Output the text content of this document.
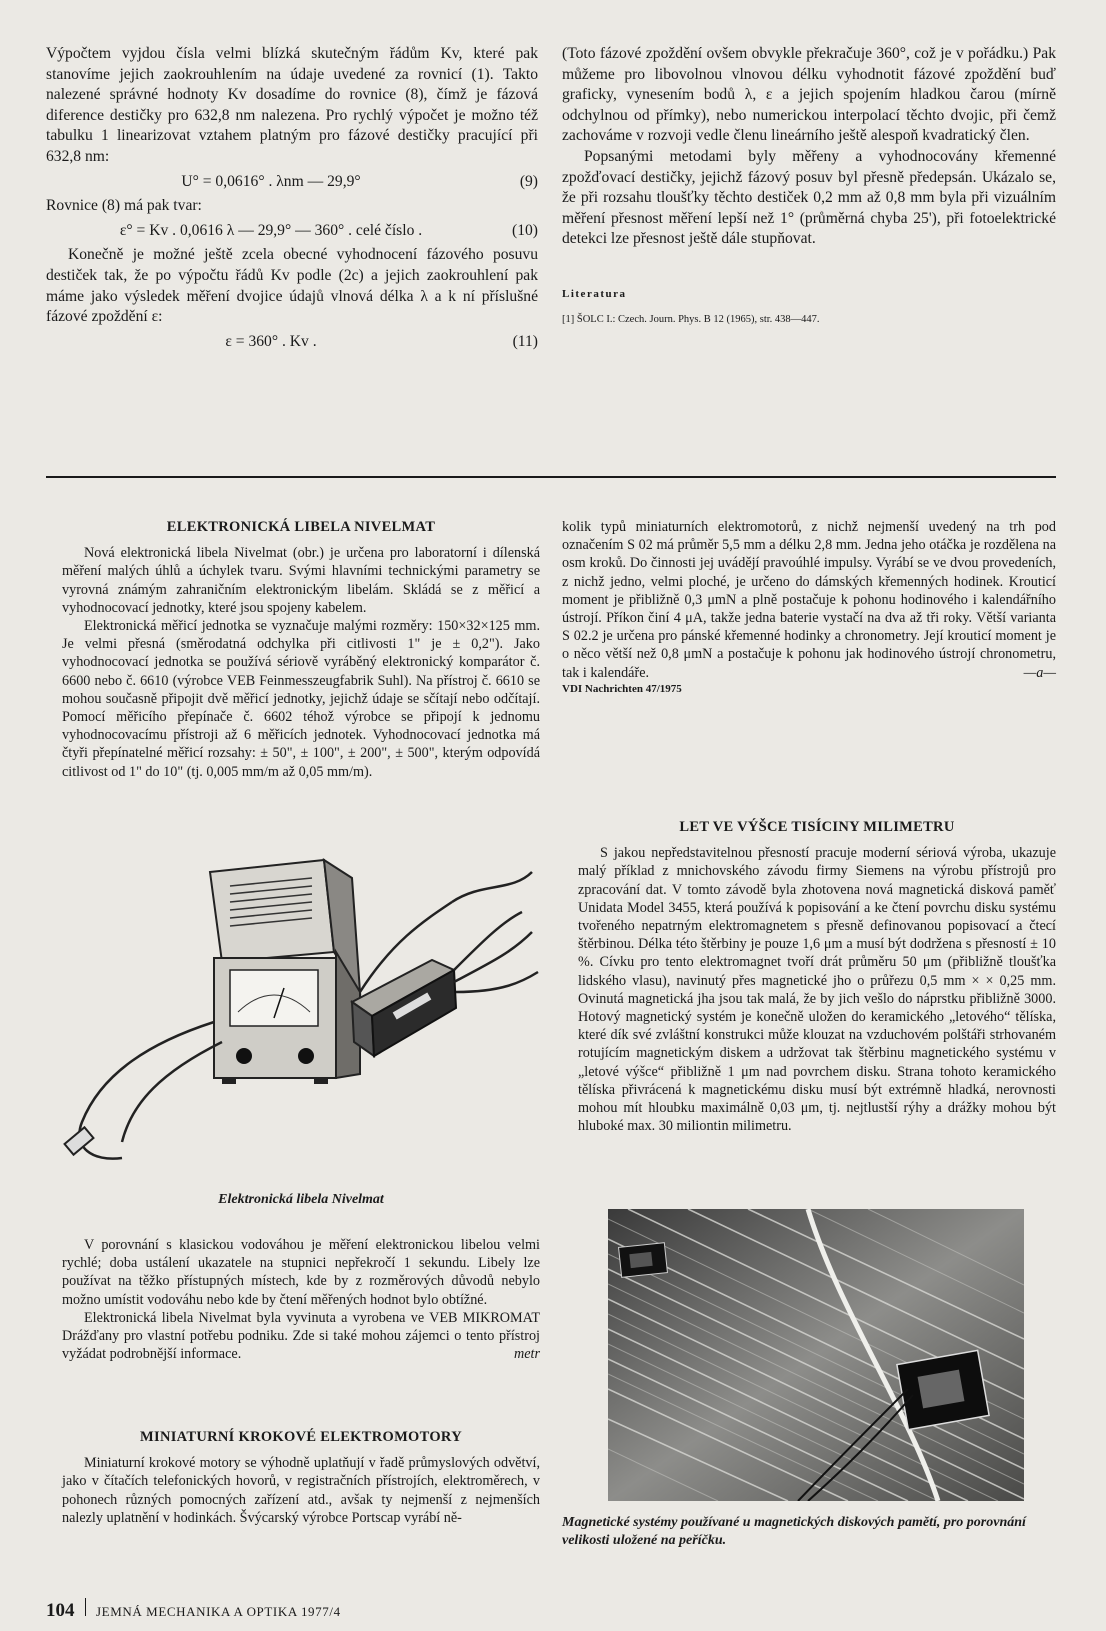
Výpočtem vyjdou čísla velmi blízká skutečným řádům Kv, které pak stanovíme jejich zaokrouhlením na údaje uvedené za rovnicí (1). Takto nalezené správné hodnoty Kv dosadíme do rovnice (8), čímž je fázová diference destičky pro 632,8 nm nalezena. Pro rychlý výpočet je možno též tabulku 1 linearizovat vztahem platným pro fázové destičky pracující při 632,8 nm:

U° = 0,0616° . λnm — 29,9°	(9)

Rovnice (8) má pak tvar:

ε° = Kv . 0,0616 λ — 29,9° — 360° . celé číslo .	(10)

Konečně je možné ještě zcela obecné vyhodnocení fázového posuvu destiček tak, že po výpočtu řádů Kv podle (2c) a jejich zaokrouhlení pak máme jako výsledek měření dvojice údajů vlnová délka λ a k ní příslušné fázové zpoždění ε:

ε = 360° . Kv .	(11)

(Toto fázové zpoždění ovšem obvykle překračuje 360°, což je v pořádku.) Pak můžeme pro libovolnou vlnovou délku vyhodnotit fázové zpoždění buď graficky, vynesením bodů λ, ε a jejich spojením hladkou čarou (mírně odchylnou od přímky), nebo numerickou interpolací těchto dvojic, při čemž zachováme v rozvoji vedle členu lineárního ještě alespoň kvadratický člen.

Popsanými metodami byly měřeny a vyhodnocovány křemenné zpožďovací destičky, jejichž fázový posuv byl přesně předepsán. Ukázalo se, že při rozsahu tloušťky těchto destiček 0,2 mm až 0,8 mm byla při vizuálním měření přesnost měření lepší než 1° (průměrná chyba 25'), při fotoelektrické detekci lze přesnost ještě dále stupňovat.

Literatura
[1] ŠOLC I.: Czech. Journ. Phys. B 12 (1965), str. 438—447.
ELEKTRONICKÁ LIBELA NIVELMAT

Nová elektronická libela Nivelmat (obr.) je určena pro laboratorní i dílenská měření malých úhlů a úchylek tvaru. Svými hlavními technickými parametry se vyrovná známým zahraničním elektronickým libelám. Skládá se z měřicí a vyhodnocovací jednotky, které jsou spojeny kabelem.

Elektronická měřicí jednotka se vyznačuje malými rozměry: 150×32×125 mm. Je velmi přesná (směrodatná odchylka při citlivosti 1" je ± 0,2"). Jako vyhodnocovací jednotka se používá sériově vyráběný elektronický komparátor č. 6600 nebo č. 6610 (výrobce VEB Feinmesszeugfabrik Suhl). Na přístroj č. 6610 se mohou současně připojit dvě měřicí jednotky, jejichž údaje se sčítají nebo odčítají. Pomocí měřicího přepínače č. 6602 téhož výrobce se připojí k jednomu vyhodnocovacímu přístroji až 6 měřicích jednotek. Vyhodnocovací jednotka má čtyři přepínatelné měřicí rozsahy: ± 50", ± 100", ± 200", ± 500", kterým odpovídá citlivost od 1" do 10" (tj. 0,005 mm/m až 0,05 mm/m).

Elektronická libela Nivelmat

V porovnání s klasickou vodováhou je měření elektronickou libelou velmi rychlé; doba ustálení ukazatele na stupnici nepřekročí 1 sekundu. Libely lze používat na těžko přístupných místech, kde by z rozměrových důvodů nebylo možno umístit vodováhu nebo kde by čtení měřených hodnot bylo obtížné.

Elektronická libela Nivelmat byla vyvinuta a vyrobena ve VEB MIKROMAT Drážďany pro vlastní potřebu podniku. Zde si také mohou zájemci o tento přístroj vyžádat podrobnější informace.	metr
MINIATURNÍ KROKOVÉ ELEKTROMOTORY

Miniaturní krokové motory se výhodně uplatňují v řadě průmyslových odvětví, jako v čítačích telefonických hovorů, v registračních přístrojích, elektroměrech, v pohonech různých pomocných zařízení atd., avšak ty nejmenší z nejmenších nalezly uplatnění v hodinkách. Švýcarský výrobce Portscap vyrábí ně-

kolik typů miniaturních elektromotorů, z nichž nejmenší uvedený na trh pod označením S 02 má průměr 5,5 mm a délku 2,8 mm. Jedna jeho otáčka je rozdělena na osm kroků. Do činnosti jej uvádějí pravoúhlé impulsy. Vyrábí se ve dvou provedeních, z nichž jedno, velmi ploché, je určeno do dámských křemenných hodinek. Krouticí moment je přibližně 0,3 μmN a plně postačuje k pohonu hodinového i kalendářního ústrojí. Příkon činí 4 μA, takže jedna baterie vystačí na dva až tři roky. Větší varianta S 02.2 je určena pro pánské křemenné hodinky a chronometry. Její krouticí moment je o něco větší než 0,8 μmN a postačuje k pohonu jak hodinového ústrojí chronometru, tak i kalendáře.	—a—
VDI Nachrichten 47/1975
LET VE VÝŠCE TISÍCINY MILIMETRU

S jakou nepředstavitelnou přesností pracuje moderní sériová výroba, ukazuje malý příklad z mnichovského závodu firmy Siemens na výrobu přístrojů pro zpracování dat. V tomto závodě byla zhotovena nová magnetická disková paměť Unidata Model 3455, která používá k popisování a ke čtení povrchu disku systému tvořeného nepatrným elektromagnetem s přesně definovanou popisovací a čtecí štěrbinou. Délka této štěrbiny je pouze 1,6 μm a musí být dodržena s přesností ± 10 %. Cívku pro tento elektromagnet tvoří drát průměru 50 μm (přibližně tloušťka lidského vlasu), navinutý přes magnetické jho o průřezu 0,5 mm × × 0,25 mm. Ovinutá magnetická jha jsou tak malá, že by jich vešlo do náprstku přibližně 3000. Hotový magnetický systém je konečně uložen do keramického „letového“ tělíska, které dík své zvláštní konstrukci může klouzat na vzduchovém polštáři strhovaném rotujícím magnetickým diskem a udržovat tak štěrbinu magnetického systému v „letové výšce“ přibližně 1 μm nad povrchem disku. Strana tohoto keramického tělíska přivrácená k magnetickému disku musí být extrémně hladká, nerovnosti mohou mít hloubku maximálně 0,03 μm, tj. nejtlustší rýhy a drážky mohou být hluboké max. 30 miliontin milimetru.

Magnetické systémy používané u magnetických diskových pamětí, pro porovnání velikosti uložené na peříčku.
104 JEMNÁ MECHANIKA A OPTIKA 1977/4
